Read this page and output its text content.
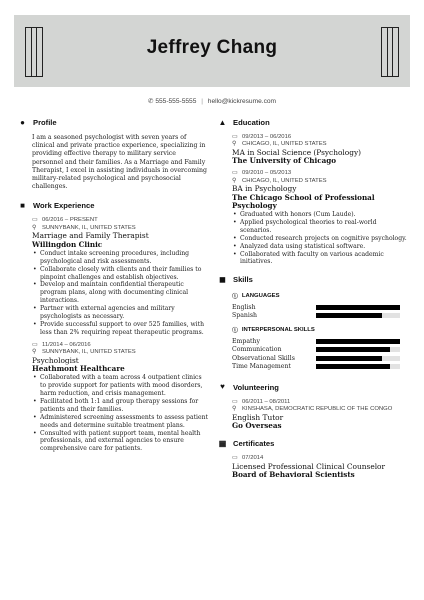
Jeffrey Chang
✆ 555-555-5555 | hello@kickresume.com
● Profile

I am a seasoned psychologist with seven years of clinical and private practice experience, specializing in providing effective therapy to military service personnel and their families. As a Marriage and Family Therapist, I excel in assisting individuals in overcoming military-related psychological and psychosocial challenges.

■ Work Experience
▭ 06/2016 – PRESENT
⚲ SUNNYBANK, IL, UNITED STATES
Marriage and Family Therapist
Willingdon Clinic
• Conduct intake screening procedures, including psychological and risk assessments.
• Collaborate closely with clients and their families to pinpoint challenges and establish objectives.
• Develop and maintain confidential therapeutic program plans, along with documenting clinical interactions.
• Partner with external agencies and military psychologists as necessary.
• Provide successful support to over 525 families, with less than 2% requiring repeat therapeutic programs.
▭ 11/2014 – 06/2016
⚲ SUNNYBANK, IL, UNITED STATES
Psychologist
Heathmont Healthcare
• Collaborated with a team across 4 outpatient clinics to provide support for patients with mood disorders, harm reduction, and crisis management.
• Facilitated both 1:1 and group therapy sessions for patients and their families.
• Administered screening assessments to assess patient needs and determine suitable treatment plans.
• Consulted with patient support team, mental health professionals, and external agencies to ensure comprehensive care for patients.
▲ Education
▭ 09/2013 – 06/2016
⚲ CHICAGO, IL, UNITED STATES
MA in Social Science (Psychology)
The University of Chicago
▭ 09/2010 – 05/2013
⚲ CHICAGO, IL, UNITED STATES
BA in Psychology
The Chicago School of Professional Psychology
• Graduated with honors (Cum Laude).
• Applied psychological theories to real-world scenarios.
• Conducted research projects on cognitive psychology.
• Analyzed data using statistical software.
• Collaborated with faculty on various academic initiatives.
◼ Skills
ⓘ LANGUAGES
English
Spanish
ⓘ INTERPERSONAL SKILLS
Empathy
Communication
Observational Skills
Time Management
♥ Volunteering
▭ 06/2011 – 08/2011
⚲ KINSHASA, DEMOCRATIC REPUBLIC OF THE CONGO
English Tutor
Go Overseas
▦ Certificates
▭ 07/2014
Licensed Professional Clinical Counselor
Board of Behavioral Scientists
